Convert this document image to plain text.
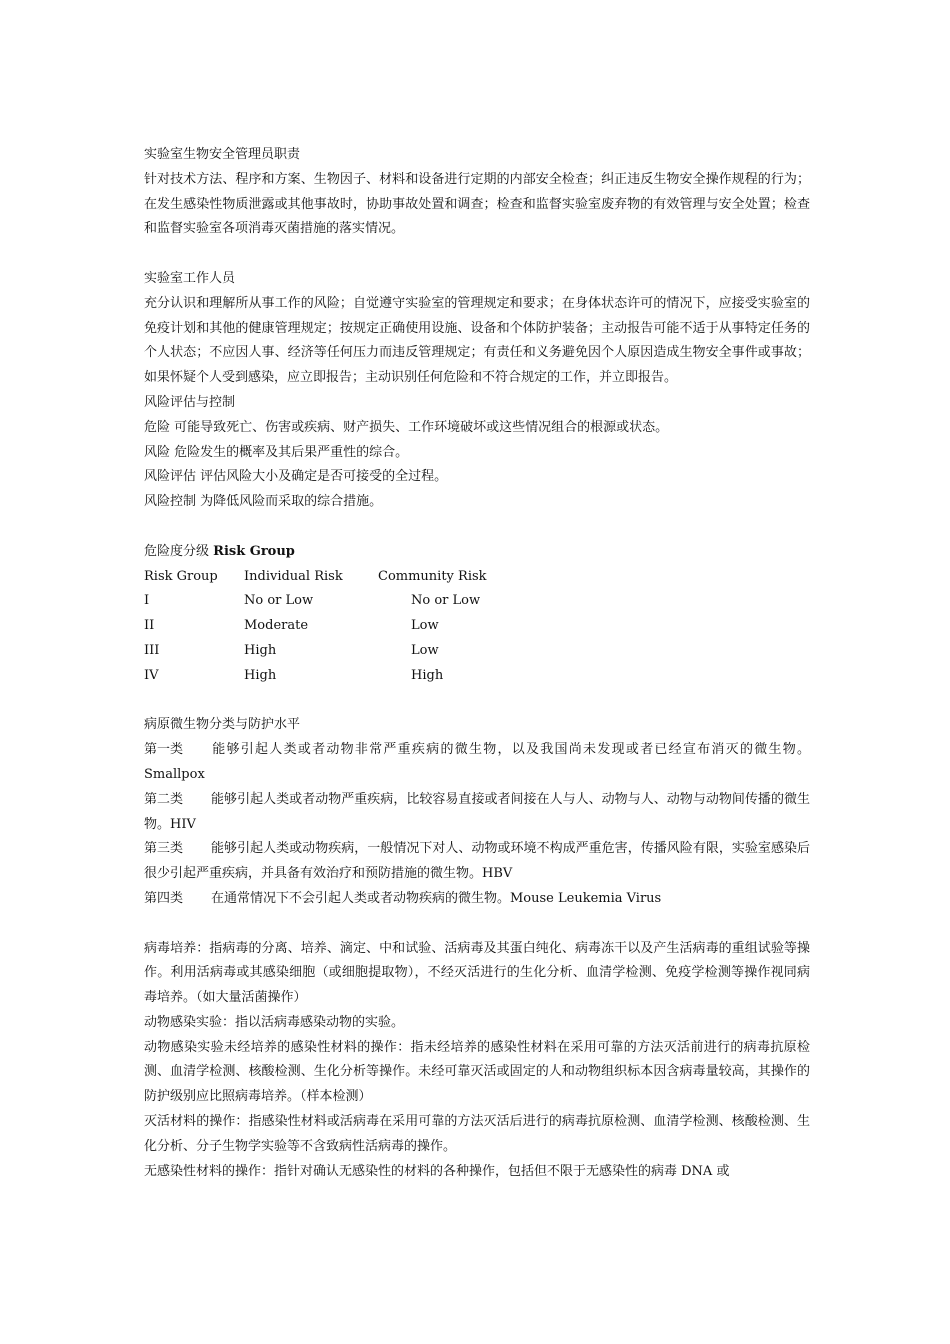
实验室生物安全管理员职责

针对技术方法、程序和方案、生物因子、材料和设备进行定期的内部安全检查；纠正违反生物安全操作规程的行为；在发生感染性物质泄露或其他事故时，协助事故处置和调查；检查和监督实验室废弃物的有效管理与安全处置；检查和监督实验室各项消毒灭菌措施的落实情况。

实验室工作人员

充分认识和理解所从事工作的风险；自觉遵守实验室的管理规定和要求；在身体状态许可的情况下，应接受实验室的免疫计划和其他的健康管理规定；按规定正确使用设施、设备和个体防护装备；主动报告可能不适于从事特定任务的个人状态；不应因人事、经济等任何压力而违反管理规定；有责任和义务避免因个人原因造成生物安全事件或事故；如果怀疑个人受到感染，应立即报告；主动识别任何危险和不符合规定的工作，并立即报告。

风险评估与控制

危险 可能导致死亡、伤害或疾病、财产损失、工作环境破坏或这些情况组合的根源或状态。

风险 危险发生的概率及其后果严重性的综合。

风险评估 评估风险大小及确定是否可接受的全过程。

风险控制 为降低风险而采取的综合措施。

危险度分级 Risk Group

Risk Group	Individual Risk	Community Risk
I	No or Low	No or Low
II	Moderate	Low
III	High	Low
IV	High	High

病原微生物分类与防护水平

第一类 能够引起人类或者动物非常严重疾病的微生物，以及我国尚未发现或者已经宣布消灭的微生物。Smallpox

第二类 能够引起人类或者动物严重疾病，比较容易直接或者间接在人与人、动物与人、动物与动物间传播的微生物。HIV

第三类 能够引起人类或动物疾病，一般情况下对人、动物或环境不构成严重危害，传播风险有限，实验室感染后很少引起严重疾病，并具备有效治疗和预防措施的微生物。HBV

第四类 在通常情况下不会引起人类或者动物疾病的微生物。Mouse Leukemia Virus

病毒培养：指病毒的分离、培养、滴定、中和试验、活病毒及其蛋白纯化、病毒冻干以及产生活病毒的重组试验等操作。利用活病毒或其感染细胞（或细胞提取物），不经灭活进行的生化分析、血清学检测、免疫学检测等操作视同病毒培养。（如大量活菌操作）

动物感染实验：指以活病毒感染动物的实验。

动物感染实验未经培养的感染性材料的操作：指未经培养的感染性材料在采用可靠的方法灭活前进行的病毒抗原检测、血清学检测、核酸检测、生化分析等操作。未经可靠灭活或固定的人和动物组织标本因含病毒量较高，其操作的防护级别应比照病毒培养。（样本检测）

灭活材料的操作：指感染性材料或活病毒在采用可靠的方法灭活后进行的病毒抗原检测、血清学检测、核酸检测、生化分析、分子生物学实验等不含致病性活病毒的操作。

无感染性材料的操作：指针对确认无感染性的材料的各种操作，包括但不限于无感染性的病毒 DNA 或
